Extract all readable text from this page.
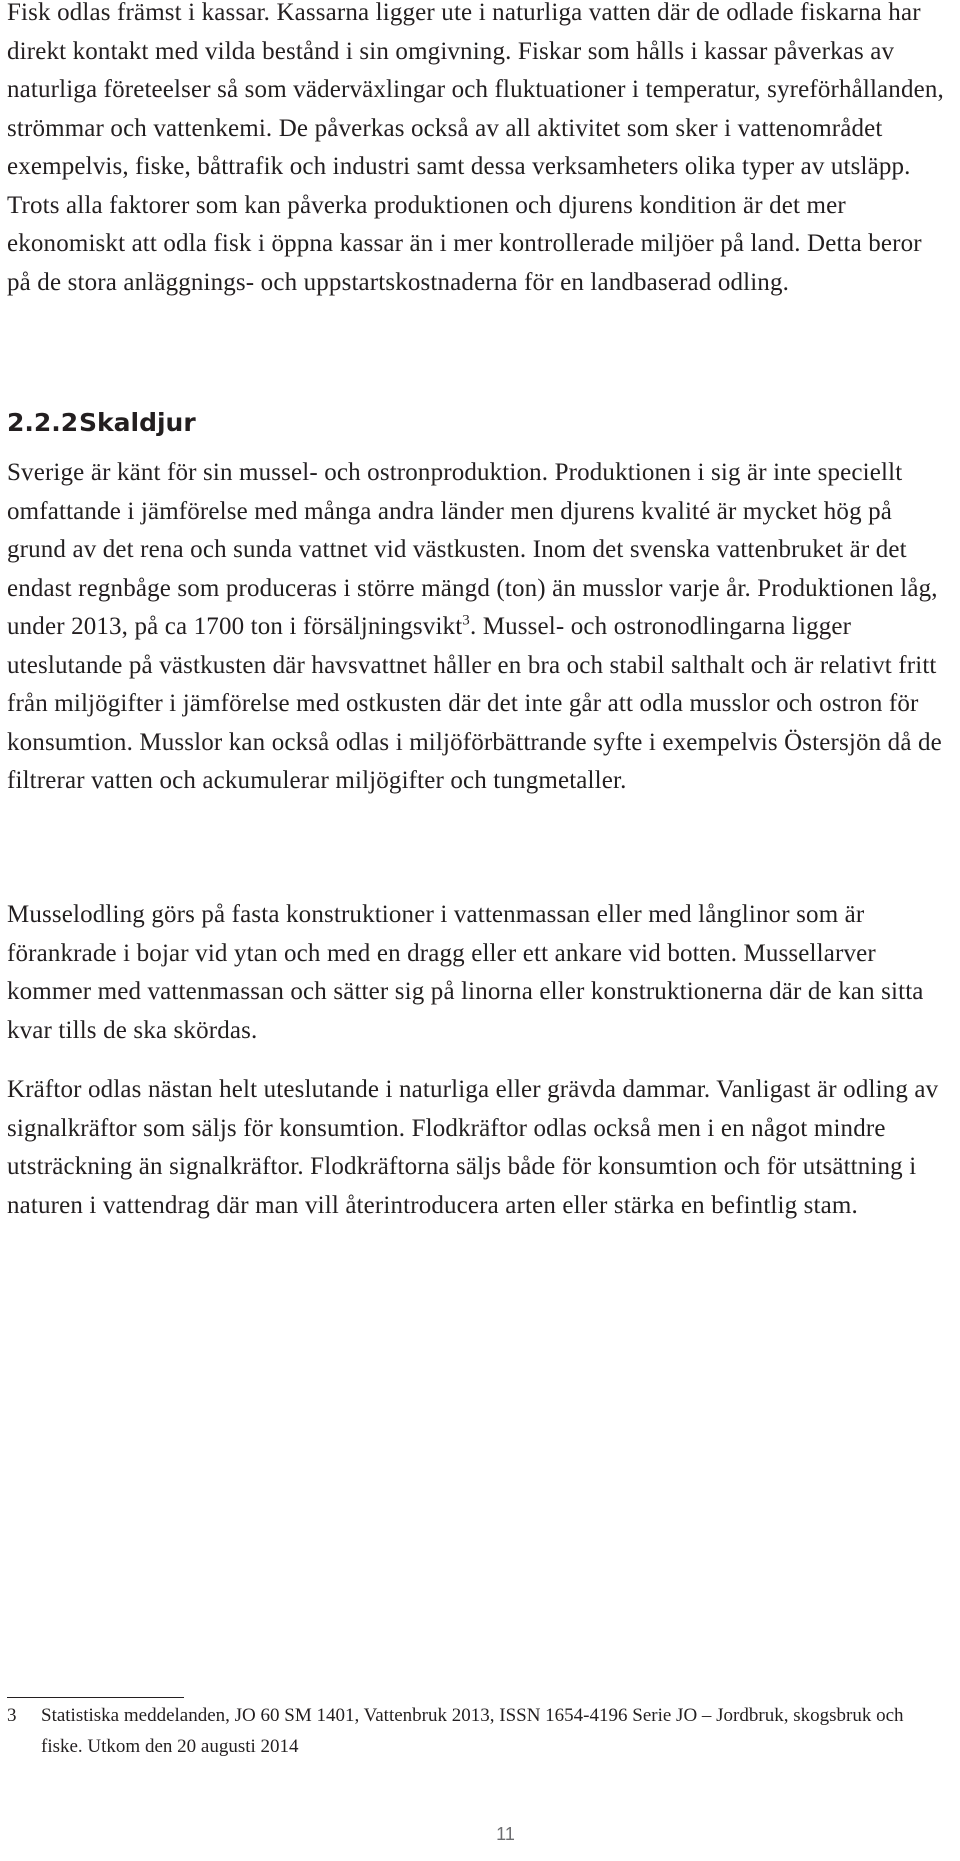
Fisk odlas främst i kassar. Kassarna ligger ute i naturliga vatten där de odlade fiskarna har direkt kontakt med vilda bestånd i sin omgivning. Fiskar som hålls i kassar påverkas av naturliga företeelser så som väderväxlingar och fluktuationer i temperatur, syreförhållanden, strömmar och vattenkemi. De påverkas också av all aktivitet som sker i vattenområdet exempelvis, fiske, båttrafik och industri samt dessa verksamheters olika typer av utsläpp. Trots alla faktorer som kan påverka produktionen och djurens kondition är det mer ekonomiskt att odla fisk i öppna kassar än i mer kontrollerade miljöer på land. Detta beror på de stora anläggnings- och uppstartskostnaderna för en landbaserad odling.

2.2.2Skaldjur

Sverige är känt för sin mussel- och ostronproduktion. Produktionen i sig är inte speciellt omfattande i jämförelse med många andra länder men djurens kvalité är mycket hög på grund av det rena och sunda vattnet vid västkusten. Inom det svenska vattenbruket är det endast regnbåge som produceras i större mängd (ton) än musslor varje år. Produktionen låg, under 2013, på ca 1700 ton i försäljningsvikt$^3$. Mussel- och ostronodlingarna ligger uteslutande på västkusten där havsvattnet håller en bra och stabil salthalt och är relativt fritt från miljögifter i jämförelse med ostkusten där det inte går att odla musslor och ostron för konsumtion. Musslor kan också odlas i miljöförbättrande syfte i exempelvis Östersjön då de filtrerar vatten och ackumulerar miljögifter och tungmetaller.

Musselodling görs på fasta konstruktioner i vattenmassan eller med långlinor som är förankrade i bojar vid ytan och med en dragg eller ett ankare vid botten. Mussellarver kommer med vattenmassan och sätter sig på linorna eller konstruktionerna där de kan sitta kvar tills de ska skördas.

Kräftor odlas nästan helt uteslutande i naturliga eller grävda dammar. Vanligast är odling av signalkräftor som säljs för konsumtion. Flodkräftor odlas också men i en något mindre utsträckning än signalkräftor. Flodkräftorna säljs både för konsumtion och för utsättning i naturen i vattendrag där man vill återintroducera arten eller stärka en befintlig stam.

3	Statistiska meddelanden, JO 60 SM 1401, Vattenbruk 2013, ISSN 1654-4196 Serie JO – Jordbruk, skogsbruk och fiske. Utkom den 20 augusti 2014

11
